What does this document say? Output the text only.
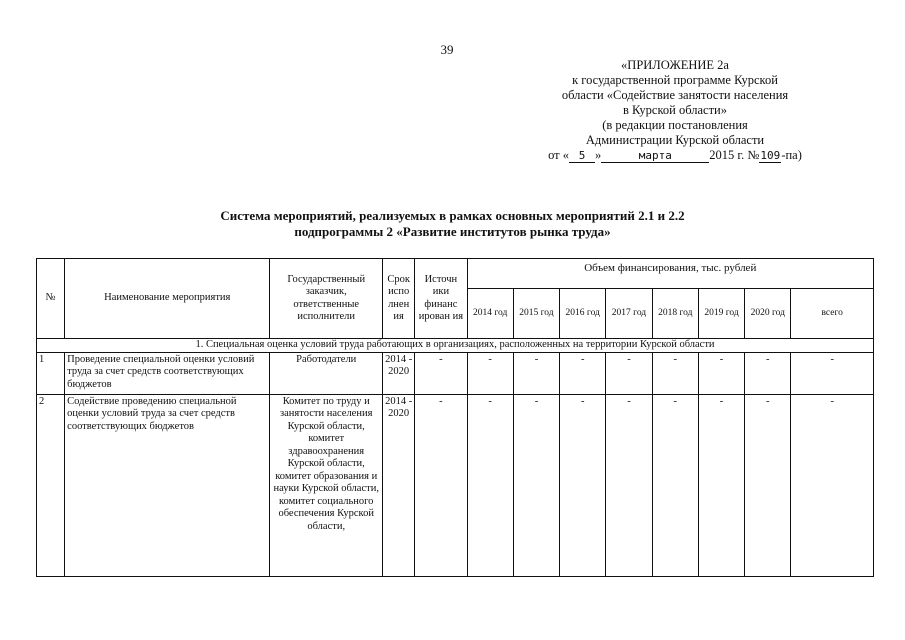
39
«ПРИЛОЖЕНИЕ 2а
к государственной программе Курской
области «Содействие занятости населения
в Курской области»
(в редакции постановления
Администрации Курской области
от « 5 »	марта	2015 г. №109-па)
Система мероприятий, реализуемых в рамках основных мероприятий 2.1 и 2.2
подпрограммы 2 «Развитие институтов рынка труда»
№	Наименование мероприятия	Государственный заказчик, ответственные исполнители	Срок испо лнен ия	Источн ики финанс ирован ия	Объем финансирования, тыс. рублей							
					2014 год	2015 год	2016 год	2017 год	2018 год	2019 год	2020 год	всего
1. Специальная оценка условий труда работающих в организациях, расположенных на территории Курской области												
1	Проведение специальной оценки условий труда за счет средств соответствующих бюджетов	Работодатели	2014 - 2020	-	-	-	-	-	-	-	-	-
2	Содействие проведению специальной оценки условий труда за счет средств соответствующих бюджетов	Комитет по труду и занятости населения Курской области, комитет здравоохранения Курской области, комитет образования и науки Курской области, комитет социального обеспечения Курской области,	2014 - 2020	-	-	-	-	-	-	-	-	-
